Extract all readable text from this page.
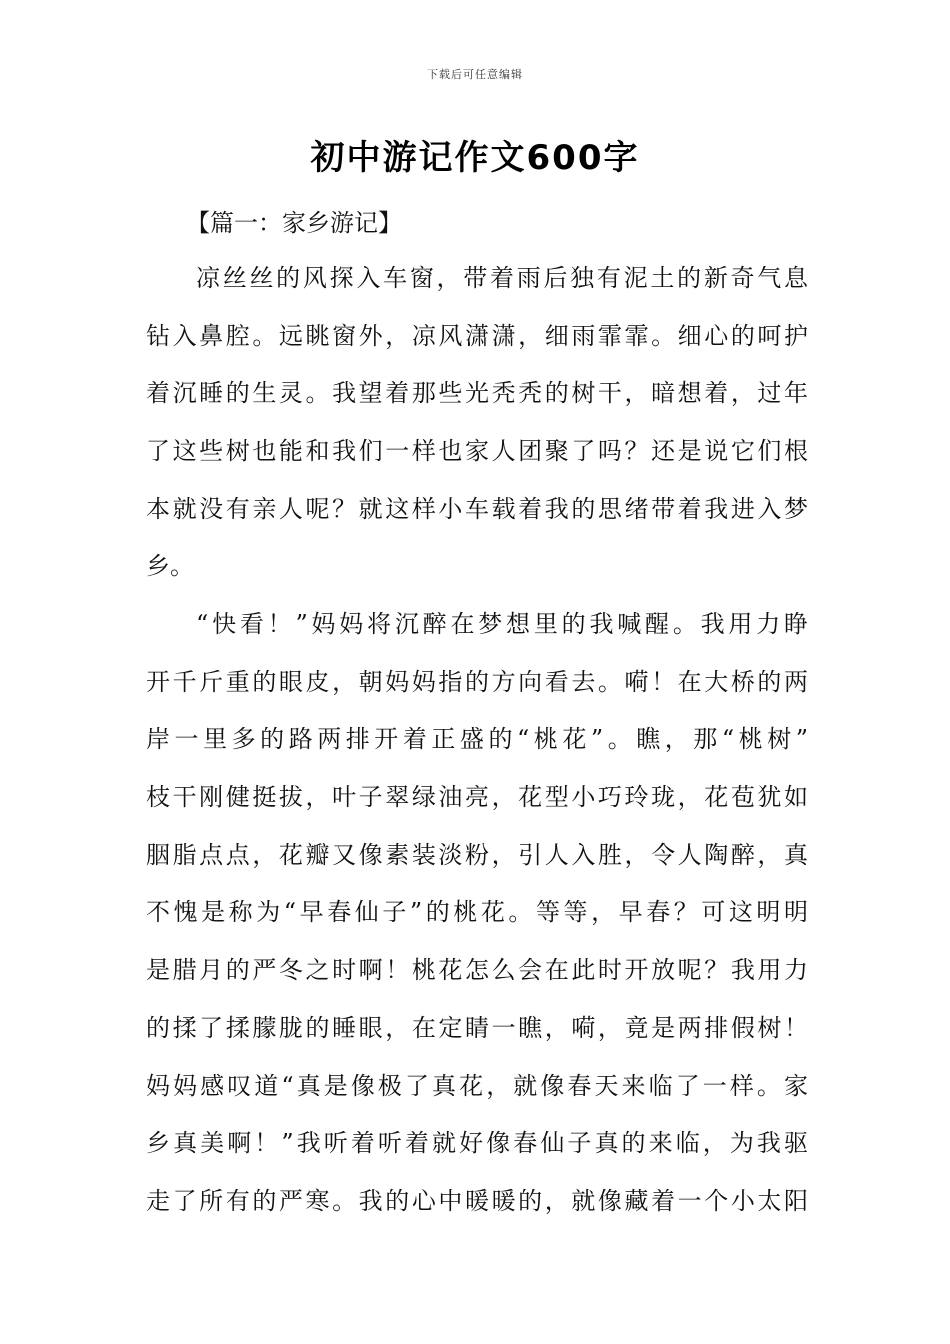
下载后可任意编辑
初中游记作文600字
【篇一：家乡游记】
凉丝丝的风探入车窗，带着雨后独有泥土的新奇气息
钻入鼻腔。远眺窗外，凉风潇潇，细雨霏霏。细心的呵护
着沉睡的生灵。我望着那些光秃秃的树干，暗想着，过年
了这些树也能和我们一样也家人团聚了吗？还是说它们根
本就没有亲人呢？就这样小车载着我的思绪带着我进入梦
乡。
“快看！”妈妈将沉醉在梦想里的我喊醒。我用力睁
开千斤重的眼皮，朝妈妈指的方向看去。嗬！在大桥的两
岸一里多的路两排开着正盛的“桃花”。瞧，那“桃树”
枝干刚健挺拔，叶子翠绿油亮，花型小巧玲珑，花苞犹如
胭脂点点，花瓣又像素装淡粉，引人入胜，令人陶醉，真
不愧是称为“早春仙子”的桃花。等等，早春？可这明明
是腊月的严冬之时啊！桃花怎么会在此时开放呢？我用力
的揉了揉朦胧的睡眼，在定睛一瞧，嗬，竟是两排假树！
妈妈感叹道“真是像极了真花，就像春天来临了一样。家
乡真美啊！”我听着听着就好像春仙子真的来临，为我驱
走了所有的严寒。我的心中暖暖的，就像藏着一个小太阳
